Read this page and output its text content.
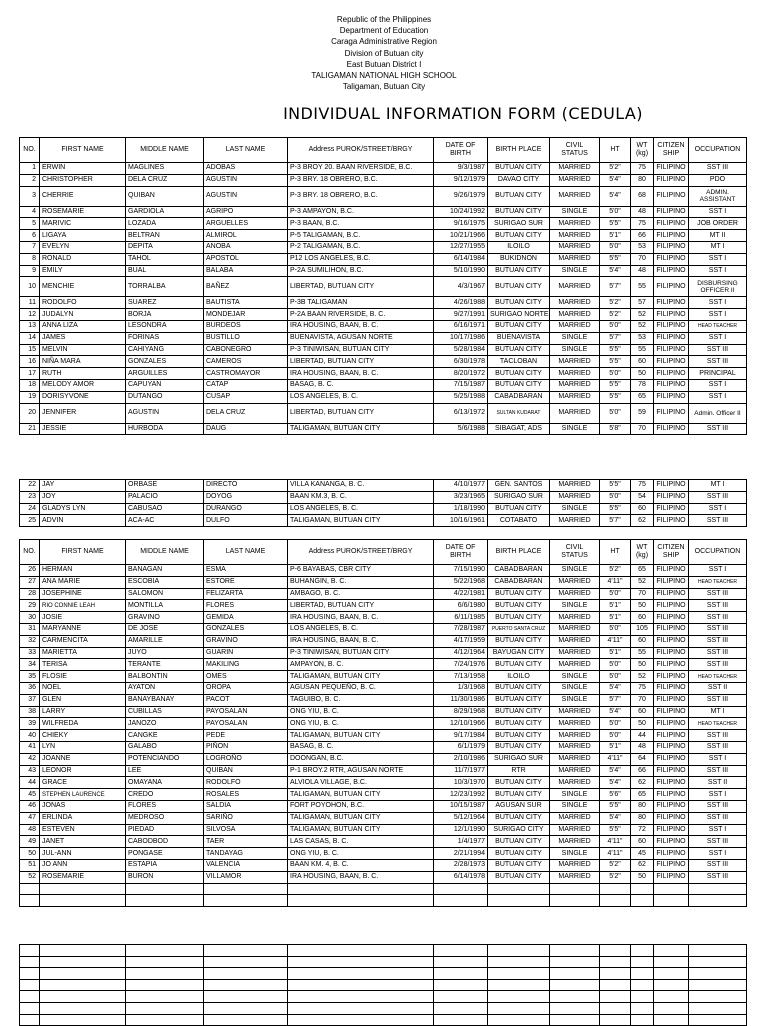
Republic of the Philippines
Department of Education
Caraga Administrative Region
Division of Butuan city
East Butuan District I
TALIGAMAN NATIONAL HIGH SCHOOL
Taligaman, Butuan City
INDIVIDUAL INFORMATION FORM (CEDULA)
NO.	FIRST NAME	MIDDLE NAME	LAST NAME	Address PUROK/STREET/BRGY	DATE OF BIRTH	BIRTH PLACE	CIVIL STATUS	HT	WT (kg)	CITIZEN SHIP	OCCUPATION
1	ERWIN	MAGLINES	ADOBAS	P-3 BROY 20. BAAN RIVERSIDE, B.C.	9/3/1987	BUTUAN CITY	MARRIED	5'2"	75	FILIPINO	SST III
2	CHRISTOPHER	DELA CRUZ	AGUSTIN	P-3 BRY. 18 OBRERO, B.C.	9/12/1979	DAVAO CITY	MARRIED	5'4"	80	FILIPINO	PDO
3	CHERRIE	QUIBAN	AGUSTIN	P-3 BRY. 18 OBRERO, B.C.	9/26/1979	BUTUAN CITY	MARRIED	5'4"	68	FILIPINO	ADMIN. ASSISTANT
4	ROSEMARIE	GARDIOLA	AGRIPO	P-3 AMPAYON, B.C.	10/24/1992	BUTUAN CITY	SINGLE	5'0"	48	FILIPINO	SST I
5	MARIVIC	LOZADA	ARGUELLES	P-3 BAAN, B.C.	9/16/1975	SURIGAO SUR	MARRIED	5'5"	75	FILIPINO	JOB ORDER
6	LIGAYA	BELTRAN	ALMIROL	P-5 TALIGAMAN, B.C.	10/21/1966	BUTUAN CITY	MARRIED	5'1"	66	FILIPINO	MT II
7	EVELYN	DEPITA	ANOBA	P-2 TALIGAMAN, B.C.	12/27/1955	ILOILO	MARRIED	5'0"	53	FILIPINO	MT I
8	RONALD	TAHOL	APOSTOL	P12 LOS ANGELES, B.C.	6/14/1984	BUKIDNON	MARRIED	5'5"	70	FILIPINO	SST I
9	EMILY	BUAL	BALABA	P-2A SUMILIHON, B.C.	5/10/1990	BUTUAN CITY	SINGLE	5'4"	48	FILIPINO	SST I
10	MENCHIE	TORRALBA	BAÑEZ	LIBERTAD, BUTUAN CITY	4/3/1967	BUTUAN CITY	MARRIED	5'7"	55	FILIPINO	DISBURSING OFFICER II
11	RODOLFO	SUAREZ	BAUTISTA	P-3B TALIGAMAN	4/26/1988	BUTUAN CITY	MARRIED	5'2"	57	FILIPINO	SST I
12	JUDALYN	BORJA	MONDEJAR	P-2A BAAN RIVERSIDE, B. C.	9/27/1991	SURIGAO NORTE	MARRIED	5'2"	52	FILIPINO	SST I
13	ANNA LIZA	LESONDRA	BURDEOS	IRA HOUSING, BAAN, B. C.	6/16/1971	BUTUAN CITY	MARRIED	5'0"	52	FILIPINO	HEAD TEACHER
14	JAMES	FORINAS	BUSTILLO	BUENAVISTA, AGUSAN NORTE	10/17/1986	BUENAVISTA	SINGLE	5'7"	53	FILIPINO	SST I
15	MELVIN	CAHIYANG	CABONEGRO	P-3 TINIWISAN, BUTUAN CITY	5/28/1984	BUTUAN CITY	SINGLE	5'5"	55	FILIPINO	SST III
16	NIÑA MARA	GONZALES	CAMEROS	LIBERTAD, BUTUAN CITY	6/30/1978	TACLOBAN	MARRIED	5'5"	60	FILIPINO	SST III
17	RUTH	ARGUILLES	CASTROMAYOR	IRA HOUSING, BAAN, B. C.	8/20/1972	BUTUAN CITY	MARRIED	5'0"	50	FILIPINO	PRINCIPAL
18	MELODY AMOR	CAPUYAN	CATAP	BASAG, B. C.	7/15/1987	BUTUAN CITY	MARRIED	5'5"	78	FILIPINO	SST I
19	DORISYVONE	DUTANGO	CUSAP	LOS ANGELES, B. C.	5/25/1988	CABADBARAN	MARRIED	5'5"	65	FILIPINO	SST I
20	JENNIFER	AGUSTIN	DELA CRUZ	LIBERTAD, BUTUAN CITY	6/13/1972	SULTAN KUDARAT	MARRIED	5'0"	59	FILIPINO	Admin. Officer II
21	JESSIE	HURBODA	DAUG	TALIGAMAN, BUTUAN CITY	5/6/1988	SIBAGAT, ADS	SINGLE	5'8"	70	FILIPINO	SST III
22	JAY	ORBASE	DIRECTO	VILLA KANANGA, B. C.	4/10/1977	GEN. SANTOS	MARRIED	5'5"	75	FILIPINO	MT I
23	JOY	PALACIO	DOYOG	BAAN KM.3, B. C.	3/23/1965	SURIGAO SUR	MARRIED	5'0"	54	FILIPINO	SST III
24	GLADYS LYN	CABUSAO	DURANGO	LOS ANGELES, B. C.	1/18/1990	BUTUAN CITY	SINGLE	5'5"	60	FILIPINO	SST I
25	ADVIN	ACA-AC	DULFO	TALIGAMAN, BUTUAN CITY	10/16/1961	COTABATO	MARRIED	5'7"	62	FILIPINO	SST III
NO.	FIRST NAME	MIDDLE NAME	LAST NAME	Address PUROK/STREET/BRGY	DATE OF BIRTH	BIRTH PLACE	CIVIL STATUS	HT	WT (kg)	CITIZEN SHIP	OCCUPATION
26	HERMAN	BANAGAN	ESMA	P-6 BAYABAS, CBR CITY	7/15/1990	CABADBARAN	SINGLE	5'2"	65	FILIPINO	SST I
27	ANA MARIE	ESCOBIA	ESTORE	BUHANGIN, B. C.	5/22/1968	CABADBARAN	MARRIED	4'11"	52	FILIPINO	HEAD TEACHER
28	JOSEPHINE	SALOMON	FELIZARTA	AMBAGO, B. C.	4/22/1981	BUTUAN CITY	MARRIED	5'0"	70	FILIPINO	SST III
29	RIO CONNIE LEAH	MONTILLA	FLORES	LIBERTAD, BUTUAN CITY	6/6/1980	BUTUAN CITY	SINGLE	5'1"	50	FILIPINO	SST III
30	JOSIE	GRAVINO	GEMIDA	IRA HOUSING, BAAN, B. C.	6/11/1985	BUTUAN CITY	MARRIED	5'1"	60	FILIPINO	SST III
31	MARYANNE	DE JOSE	GONZALES	LOS ANGELES, B. C.	7/28/1987	PUERTO SANTA CRUZ	MARRIED	5'0"	105	FILIPINO	SST III
32	CARMENCITA	AMARILLE	GRAVINO	IRA HOUSING, BAAN, B. C.	4/17/1959	BUTUAN CITY	MARRIED	4'11"	60	FILIPINO	SST III
33	MARIETTA	JUYO	GUARIN	P-3 TINIWISAN, BUTUAN CITY	4/12/1964	BAYUGAN CITY	MARRIED	5'1"	55	FILIPINO	SST III
34	TERISA	TERANTE	MAKILING	AMPAYON, B. C.	7/24/1976	BUTUAN CITY	MARRIED	5'0"	50	FILIPINO	SST III
35	FLOSIE	BALBONTIN	OMES	TALIGAMAN, BUTUAN CITY	7/13/1958	ILOILO	SINGLE	5'0"	52	FILIPINO	HEAD TEACHER
36	NOEL	AYATON	OROPA	AGUSAN PEQUEÑO, B. C.	1/3/1968	BUTUAN CITY	SINGLE	5'4"	75	FILIPINO	SST II
37	GLEN	BANAYBANAY	PACOT	TAGUIBO, B. C.	11/30/1986	BUTUAN CITY	SINGLE	5'7"	70	FILIPINO	SST III
38	LARRY	CUBILLAS	PAYOSALAN	ONG YIU, B. C.	8/29/1968	BUTUAN CITY	MARRIED	5'4"	60	FILIPINO	MT I
39	WILFREDA	JANOZO	PAYOSALAN	ONG YIU, B. C.	12/10/1966	BUTUAN CITY	MARRIED	5'0"	50	FILIPINO	HEAD TEACHER
40	CHIEKY	CANGKE	PEDE	TALIGAMAN, BUTUAN CITY	9/17/1984	BUTUAN CITY	MARRIED	5'0"	44	FILIPINO	SST III
41	LYN	GALABO	PIÑON	BASAG, B. C.	6/1/1979	BUTUAN CITY	MARRIED	5'1"	48	FILIPINO	SST III
42	JOANNE	POTENCIANDO	LOGROÑO	DOONGAN, B.C.	2/10/1986	SURIGAO SUR	MARRIED	4'11"	64	FILIPINO	SST I
43	LEONOR	LEE	QUIBAN	P-1 BROY.2 RTR, AGUSAN NORTE	11/7/1977	RTR	MARRIED	5'4"	66	FILIPINO	SST III
44	GRACE	OMAYANA	RODOLFO	ALVIOLA VILLAGE, B.C.	10/3/1970	BUTUAN CITY	MARRIED	5'4"	62	FILIPINO	SST II
45	STEPHEN LAURENCE	CREDO	ROSALES	TALIGAMAN, BUTUAN CITY	12/23/1992	BUTUAN CITY	SINGLE	5'6"	65	FILIPINO	SST I
46	JONAS	FLORES	SALDIA	FORT POYOHON, B.C.	10/15/1987	AGUSAN SUR	SINGLE	5'5"	80	FILIPINO	SST III
47	ERLINDA	MEDROSO	SARIÑO	TALIGAMAN, BUTUAN CITY	5/12/1964	BUTUAN CITY	MARRIED	5'4"	80	FILIPINO	SST III
48	ESTEVEN	PIEDAD	SILVOSA	TALIGAMAN, BUTUAN CITY	12/1/1990	SURIGAO CITY	MARRIED	5'5"	72	FILIPINO	SST I
49	JANET	CABODBOD	TAER	LAS CASAS, B. C.	1/4/1977	BUTUAN CITY	MARRIED	4'11"	60	FILIPINO	SST III
50	JUL-ANN	PONGASE	TANDAYAG	ONG YIU, B. C.	2/21/1994	BUTUAN CITY	SINGLE	4'11"	45	FILIPINO	SST I
51	JO ANN	ESTAPIA	VALENCIA	BAAN KM. 4, B. C.	2/28/1973	BUTUAN CITY	MARRIED	5'2"	62	FILIPINO	SST III
52	ROSEMARIE	BURON	VILLAMOR	IRA HOUSING, BAAN, B. C.	6/14/1978	BUTUAN CITY	MARRIED	5'2"	50	FILIPINO	SST III
